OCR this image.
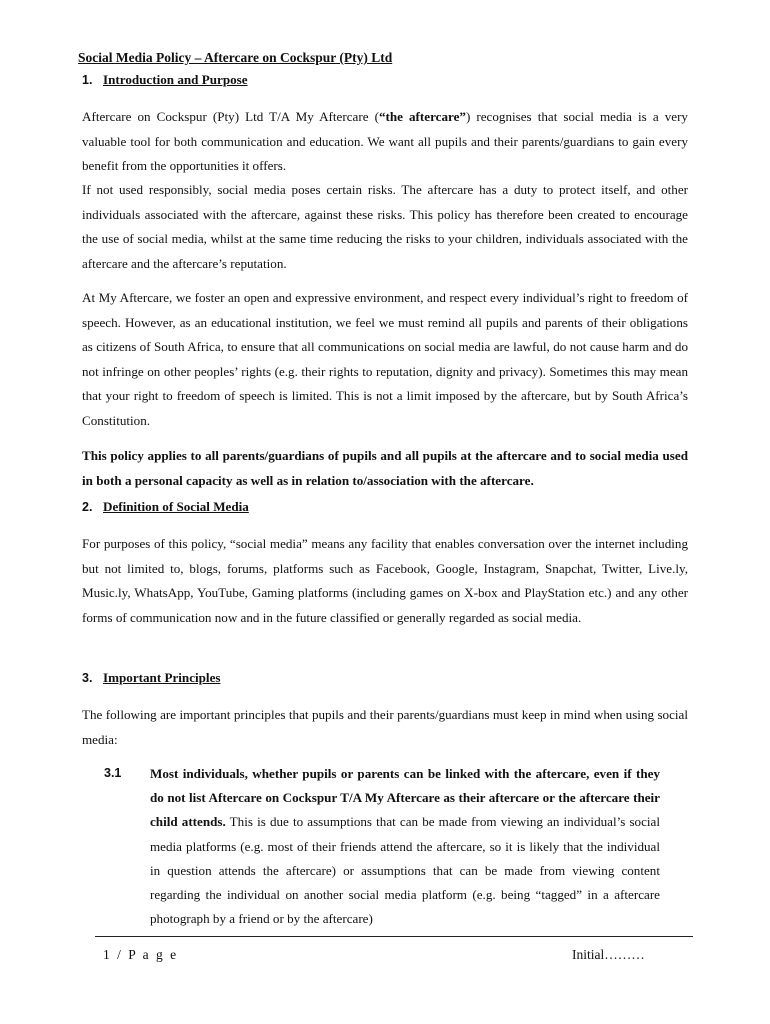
Social Media Policy – Aftercare on Cockspur (Pty) Ltd
1. Introduction and Purpose

Aftercare on Cockspur (Pty) Ltd T/A My Aftercare (“the aftercare”) recognises that social media is a very valuable tool for both communication and education. We want all pupils and their parents/guardians to gain every benefit from the opportunities it offers.

If not used responsibly, social media poses certain risks. The aftercare has a duty to protect itself, and other individuals associated with the aftercare, against these risks. This policy has therefore been created to encourage the use of social media, whilst at the same time reducing the risks to your children, individuals associated with the aftercare and the aftercare’s reputation.

At My Aftercare, we foster an open and expressive environment, and respect every individual’s right to freedom of speech. However, as an educational institution, we feel we must remind all pupils and parents of their obligations as citizens of South Africa, to ensure that all communications on social media are lawful, do not cause harm and do not infringe on other peoples’ rights (e.g. their rights to reputation, dignity and privacy). Sometimes this may mean that your right to freedom of speech is limited. This is not a limit imposed by the aftercare, but by South Africa’s Constitution.

This policy applies to all parents/guardians of pupils and all pupils at the aftercare and to social media used in both a personal capacity as well as in relation to/association with the aftercare.

2. Definition of Social Media

For purposes of this policy, “social media” means any facility that enables conversation over the internet including but not limited to, blogs, forums, platforms such as Facebook, Google, Instagram, Snapchat, Twitter, Live.ly, Music.ly, WhatsApp, YouTube, Gaming platforms (including games on X-box and PlayStation etc.) and any other forms of communication now and in the future classified or generally regarded as social media.

3. Important Principles

The following are important principles that pupils and their parents/guardians must keep in mind when using social media:

3.1 Most individuals, whether pupils or parents can be linked with the aftercare, even if they do not list Aftercare on Cockspur T/A My Aftercare as their aftercare or the aftercare their child attends. This is due to assumptions that can be made from viewing an individual’s social media platforms (e.g. most of their friends attend the aftercare, so it is likely that the individual in question attends the aftercare) or assumptions that can be made from viewing content regarding the individual on another social media platform (e.g. being “tagged” in a aftercare photograph by a friend or by the aftercare)
1 / P a g e	Initial………
